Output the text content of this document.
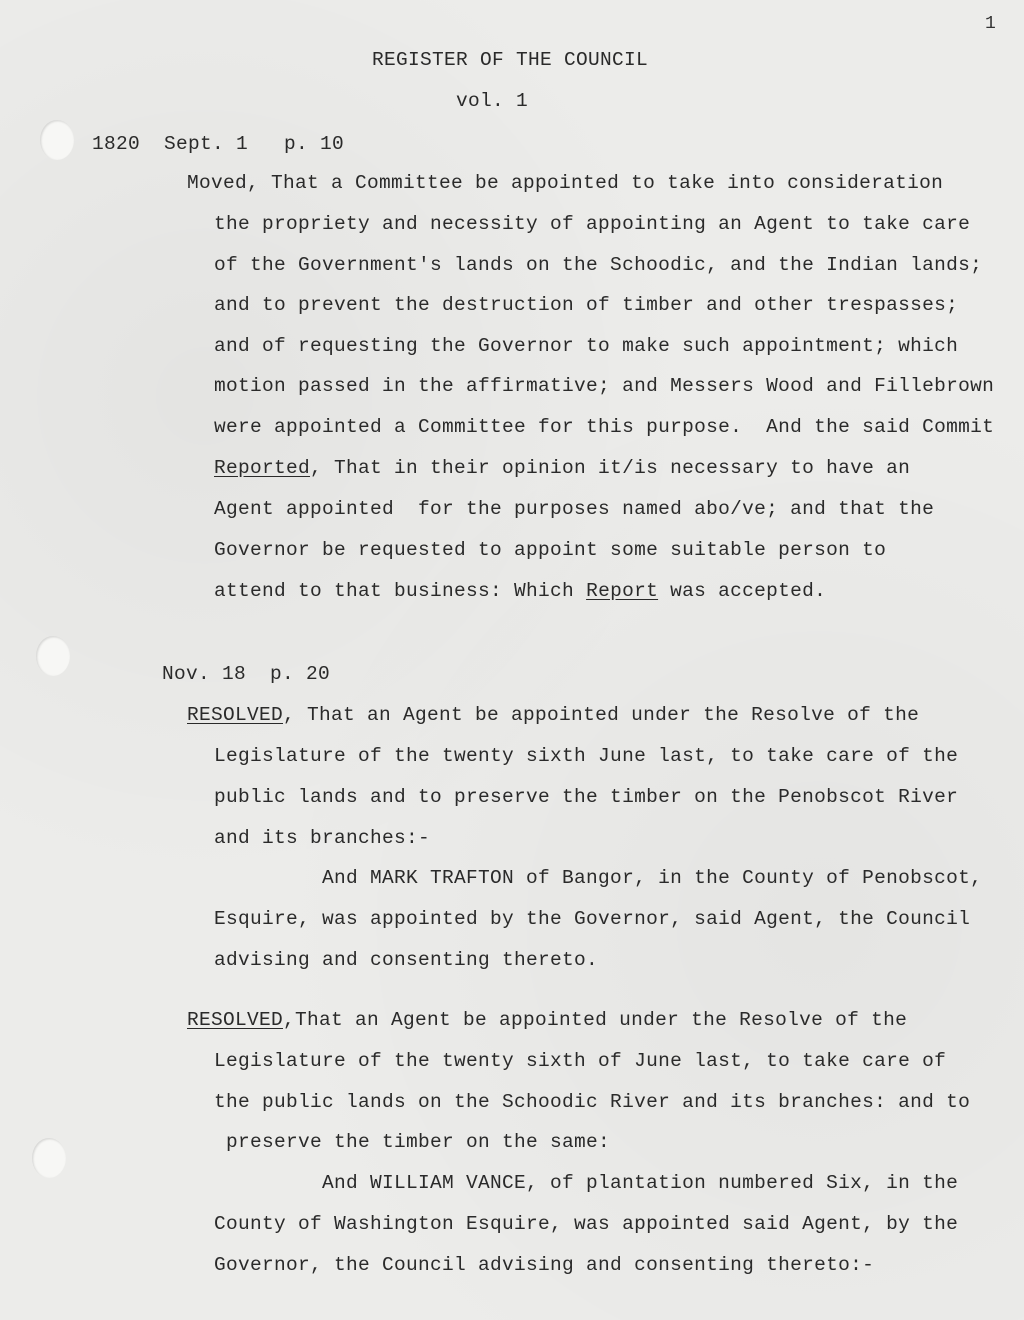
1
REGISTER OF THE COUNCIL
vol. 1
1820  Sept. 1   p. 10
Moved, That a Committee be appointed to take into consideration
the propriety and necessity of appointing an Agent to take care
of the Government's lands on the Schoodic, and the Indian lands;
and to prevent the destruction of timber and other trespasses;
and of requesting the Governor to make such appointment; which
motion passed in the affirmative; and Messers Wood and Fillebrown
were appointed a Committee for this purpose.  And the said Commit
Reported, That in their opinion it/is necessary to have an
Agent appointed  for the purposes named abo/ve; and that the
Governor be requested to appoint some suitable person to
attend to that business: Which Report was accepted.
Nov. 18  p. 20
RESOLVED, That an Agent be appointed under the Resolve of the
Legislature of the twenty sixth June last, to take care of the
public lands and to preserve the timber on the Penobscot River
and its branches:-
And MARK TRAFTON of Bangor, in the County of Penobscot,
Esquire, was appointed by the Governor, said Agent, the Council
advising and consenting thereto.
RESOLVED,That an Agent be appointed under the Resolve of the
Legislature of the twenty sixth of June last, to take care of
the public lands on the Schoodic River and its branches: and to
preserve the timber on the same:
And WILLIAM VANCE, of plantation numbered Six, in the
County of Washington Esquire, was appointed said Agent, by the
Governor, the Council advising and consenting thereto:-
